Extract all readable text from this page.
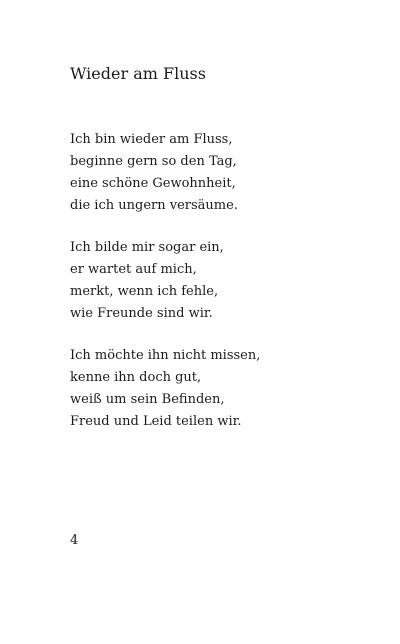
Wieder am Fluss
Ich bin wieder am Fluss,
beginne gern so den Tag,
eine schöne Gewohnheit,
die ich ungern versäume.
Ich bilde mir sogar ein,
er wartet auf mich,
merkt, wenn ich fehle,
wie Freunde sind wir.
Ich möchte ihn nicht missen,
kenne ihn doch gut,
weiß um sein Befinden,
Freud und Leid teilen wir.
4
